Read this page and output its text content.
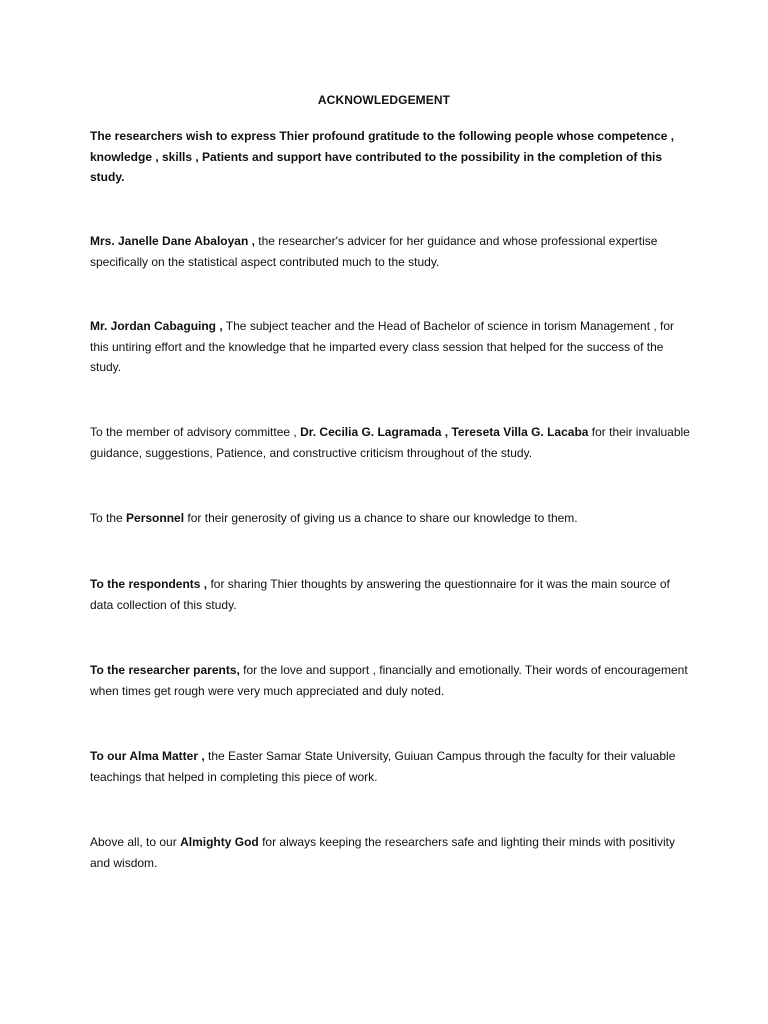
ACKNOWLEDGEMENT

The researchers wish to express Thier profound gratitude to the following people whose competence , knowledge , skills , Patients and support have contributed to the possibility in the completion of this study.

Mrs. Janelle Dane Abaloyan , the researcher's advicer for her guidance and whose professional expertise specifically on the statistical aspect contributed much to the study.

Mr. Jordan Cabaguing , The subject teacher and the Head of Bachelor of science in torism Management , for this untiring effort and the knowledge that he imparted every class session that helped for the success of the study.

To the member of advisory committee , Dr. Cecilia G. Lagramada , Tereseta Villa G. Lacaba for their invaluable guidance, suggestions, Patience, and constructive criticism throughout of the study.

To the Personnel for their generosity of giving us a chance to share our knowledge to them.

To the respondents , for sharing Thier thoughts by answering the questionnaire for it was the main source of data collection of this study.

To the researcher parents, for the love and support , financially and emotionally. Their words of encouragement when times get rough were very much appreciated and duly noted.

To our Alma Matter , the Easter Samar State University, Guiuan Campus through the faculty for their valuable teachings that helped in completing this piece of work.

Above all, to our Almighty God for always keeping the researchers safe and lighting their minds with positivity and wisdom.
